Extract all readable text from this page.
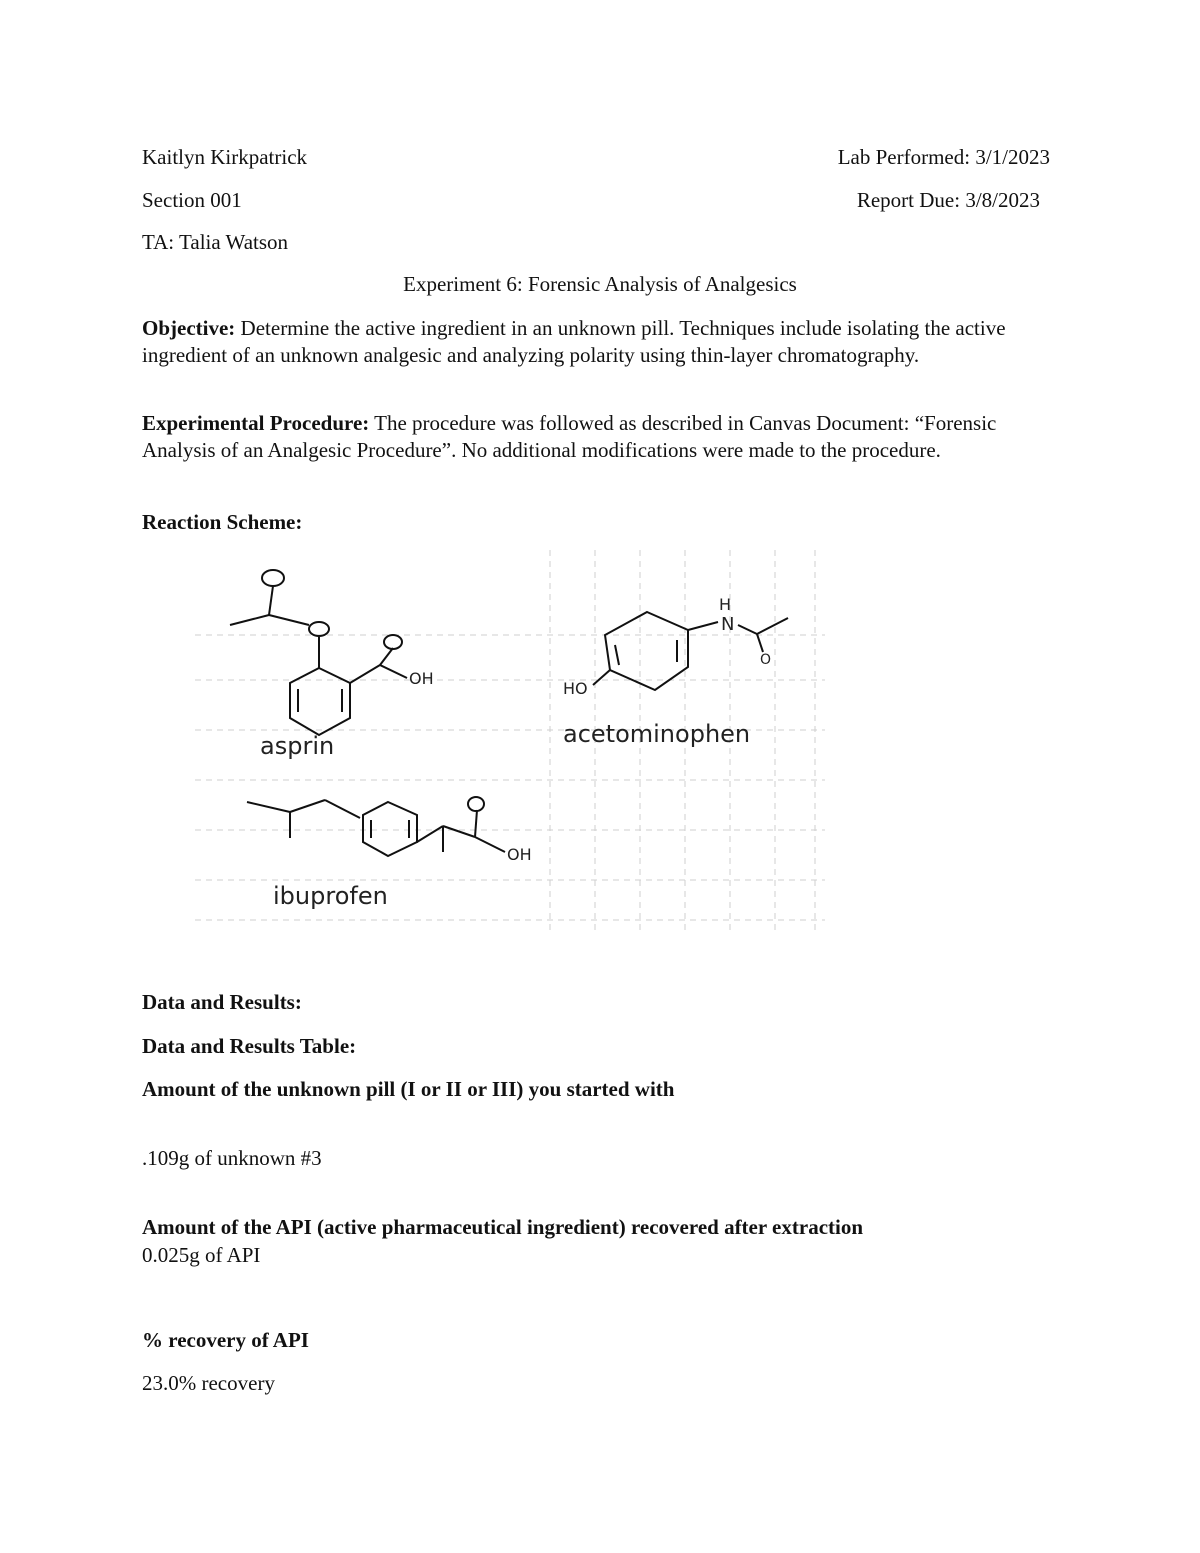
Kaitlyn Kirkpatrick	Lab Performed: 3/1/2023
Section 001	Report Due: 3/8/2023
TA: Talia Watson
Experiment 6: Forensic Analysis of Analgesics
Objective: Determine the active ingredient in an unknown pill. Techniques include isolating the active ingredient of an unknown analgesic and analyzing polarity using thin-layer chromatography.
Experimental Procedure: The procedure was followed as described in Canvas Document: “Forensic Analysis of an Analgesic Procedure”. No additional modifications were made to the procedure.
Reaction Scheme:
OH
asprin
H
N
O
HO
acetominophen
OH
ibuprofen
Data and Results:
Data and Results Table:
Amount of the unknown pill (I or II or III) you started with
.109g of unknown #3
Amount of the API (active pharmaceutical ingredient) recovered after extraction
0.025g of API
% recovery of API
23.0% recovery
